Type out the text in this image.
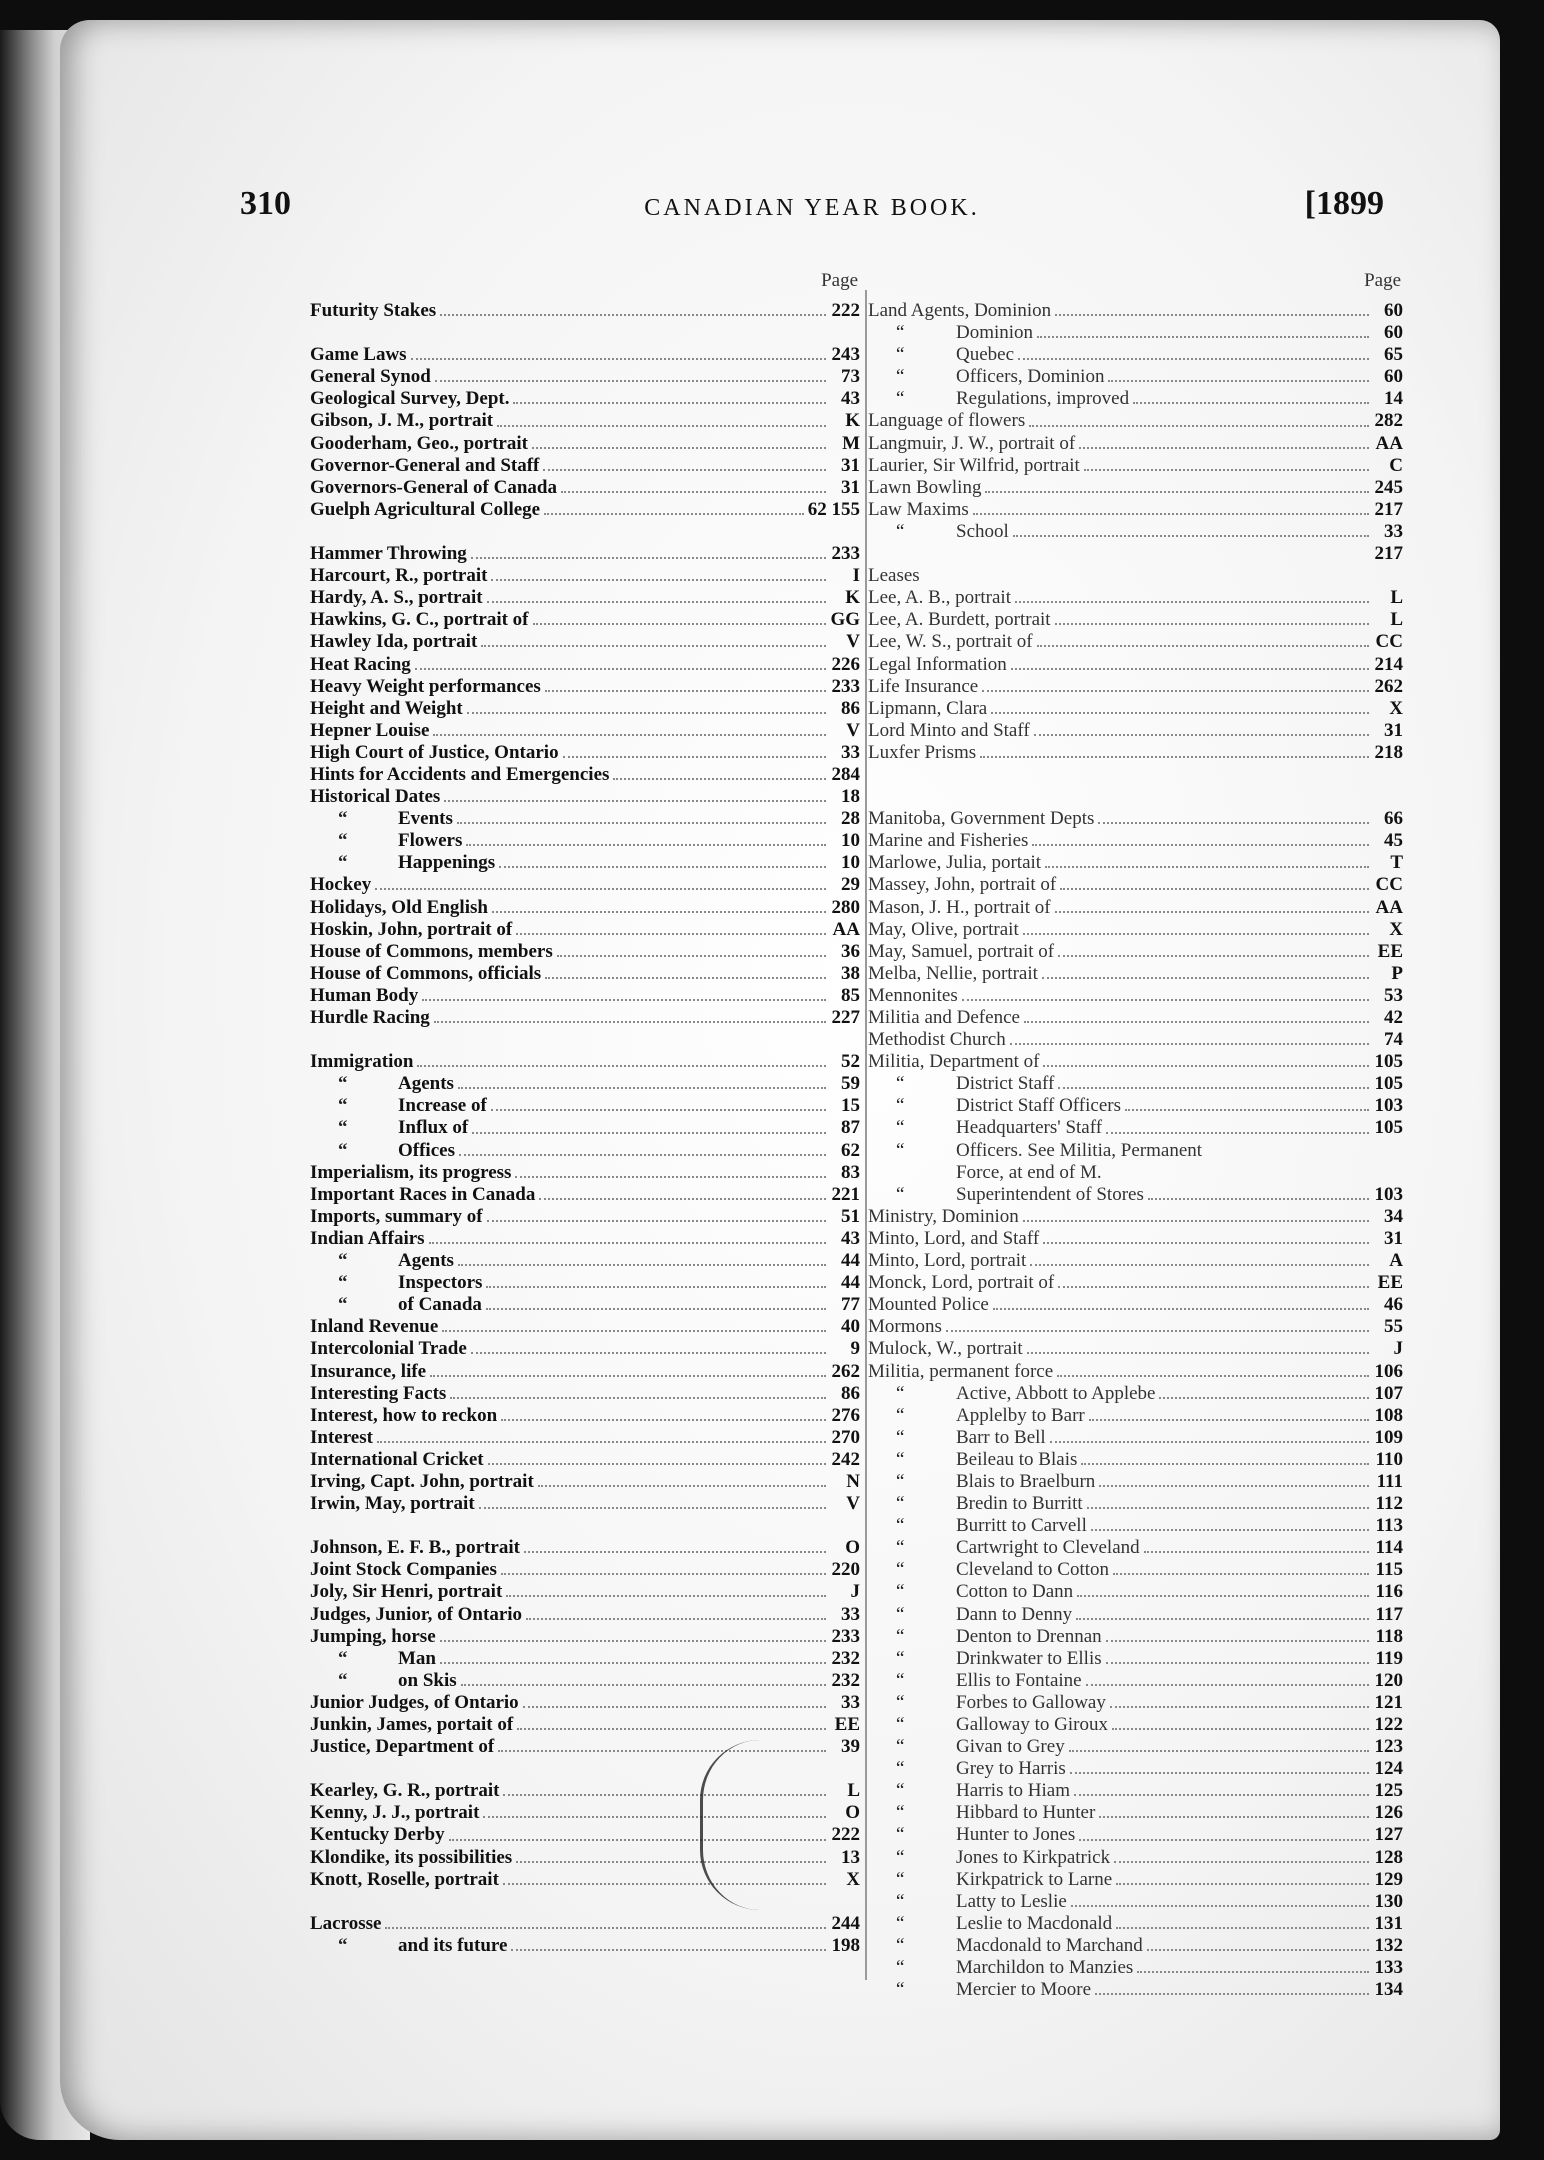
310	CANADIAN YEAR BOOK.	[1899
Page
Futurity Stakes	222
Game Laws	243
General Synod	73
Geological Survey, Dept.	43
Gibson, J. M., portrait	K
Gooderham, Geo., portrait	M
Governor-General and Staff	31
Governors-General of Canada	31
Guelph Agricultural College	62 155
Hammer Throwing	233
Harcourt, R., portrait	I
Hardy, A. S., portrait	K
Hawkins, G. C., portrait of	GG
Hawley Ida, portrait	V
Heat Racing	226
Heavy Weight performances	233
Height and Weight	86
Hepner Louise	V
High Court of Justice, Ontario	33
Hints for Accidents and Emergencies	284
Historical Dates	18
“	Events	28
“	Flowers	10
“	Happenings	10
Hockey	29
Holidays, Old English	280
Hoskin, John, portrait of	AA
House of Commons, members	36
House of Commons, officials	38
Human Body	85
Hurdle Racing	227
Immigration	52
“	Agents	59
“	Increase of	15
“	Influx of	87
“	Offices	62
Imperialism, its progress	83
Important Races in Canada	221
Imports, summary of	51
Indian Affairs	43
“	Agents	44
“	Inspectors	44
“	of Canada	77
Inland Revenue	40
Intercolonial Trade	9
Insurance, life	262
Interesting Facts	86
Interest, how to reckon	276
Interest	270
International Cricket	242
Irving, Capt. John, portrait	N
Irwin, May, portrait	V
Johnson, E. F. B., portrait	O
Joint Stock Companies	220
Joly, Sir Henri, portrait	J
Judges, Junior, of Ontario	33
Jumping, horse	233
“	Man	232
“	on Skis	232
Junior Judges, of Ontario	33
Junkin, James, portait of	EE
Justice, Department of	39
Kearley, G. R., portrait	L
Kenny, J. J., portrait	O
Kentucky Derby	222
Klondike, its possibilities	13
Knott, Roselle, portrait	X
Lacrosse	244
“	and its future	198
Page
Land Agents, Dominion	60
“	Dominion	60
“	Quebec	65
“	Officers, Dominion	60
“	Regulations, improved	14
Language of flowers	282
Langmuir, J. W., portrait of	AA
Laurier, Sir Wilfrid, portrait	C
Lawn Bowling	245
Law Maxims	217
“	School	33
217
Leases
Lee, A. B., portrait	L
Lee, A. Burdett, portrait	L
Lee, W. S., portrait of	CC
Legal Information	214
Life Insurance	262
Lipmann, Clara	X
Lord Minto and Staff	31
Luxfer Prisms	218
Manitoba, Government Depts	66
Marine and Fisheries	45
Marlowe, Julia, portait	T
Massey, John, portrait of	CC
Mason, J. H., portrait of	AA
May, Olive, portrait	X
May, Samuel, portrait of	EE
Melba, Nellie, portrait	P
Mennonites	53
Militia and Defence	42
Methodist Church	74
Militia, Department of	105
“	District Staff	105
“	District Staff Officers	103
“	Headquarters' Staff	105
“	Officers. See Militia, Permanent
Force, at end of M.
“	Superintendent of Stores	103
Ministry, Dominion	34
Minto, Lord, and Staff	31
Minto, Lord, portrait	A
Monck, Lord, portrait of	EE
Mounted Police	46
Mormons	55
Mulock, W., portrait	J
Militia, permanent force	106
“	Active, Abbott to Applebe	107
“	Applelby to Barr	108
“	Barr to Bell	109
“	Beileau to Blais	110
“	Blais to Braelburn	111
“	Bredin to Burritt	112
“	Burritt to Carvell	113
“	Cartwright to Cleveland	114
“	Cleveland to Cotton	115
“	Cotton to Dann	116
“	Dann to Denny	117
“	Denton to Drennan	118
“	Drinkwater to Ellis	119
“	Ellis to Fontaine	120
“	Forbes to Galloway	121
“	Galloway to Giroux	122
“	Givan to Grey	123
“	Grey to Harris	124
“	Harris to Hiam	125
“	Hibbard to Hunter	126
“	Hunter to Jones	127
“	Jones to Kirkpatrick	128
“	Kirkpatrick to Larne	129
“	Latty to Leslie	130
“	Leslie to Macdonald	131
“	Macdonald to Marchand	132
“	Marchildon to Manzies	133
“	Mercier to Moore	134
